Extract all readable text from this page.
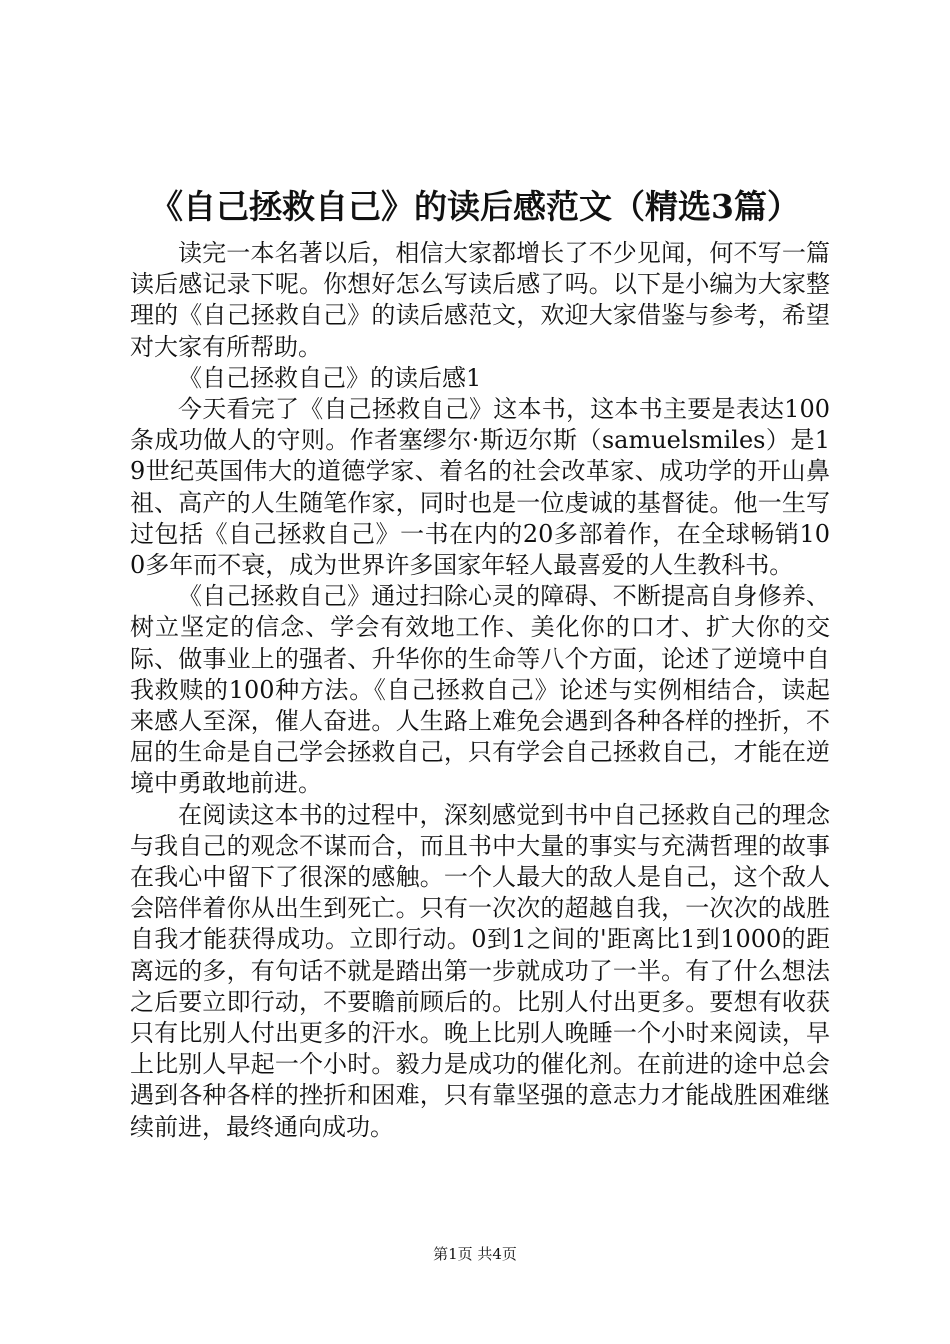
《自己拯救自己》的读后感范文（精选3篇）

读完一本名著以后，相信大家都增长了不少见闻，何不写一篇读后感记录下呢。你想好怎么写读后感了吗。以下是小编为大家整理的《自己拯救自己》的读后感范文，欢迎大家借鉴与参考，希望对大家有所帮助。

《自己拯救自己》的读后感1

今天看完了《自己拯救自己》这本书，这本书主要是表达100条成功做人的守则。作者塞缪尔·斯迈尔斯（samuelsmiles）是19世纪英国伟大的道德学家、着名的社会改革家、成功学的开山鼻祖、高产的人生随笔作家，同时也是一位虔诚的基督徒。他一生写过包括《自己拯救自己》一书在内的20多部着作，在全球畅销100多年而不衰，成为世界许多国家年轻人最喜爱的人生教科书。

《自己拯救自己》通过扫除心灵的障碍、不断提高自身修养、树立坚定的信念、学会有效地工作、美化你的口才、扩大你的交际、做事业上的强者、升华你的生命等八个方面，论述了逆境中自我救赎的100种方法。《自己拯救自己》论述与实例相结合，读起来感人至深，催人奋进。人生路上难免会遇到各种各样的挫折，不屈的生命是自己学会拯救自己，只有学会自己拯救自己，才能在逆境中勇敢地前进。

在阅读这本书的过程中，深刻感觉到书中自己拯救自己的理念与我自己的观念不谋而合，而且书中大量的事实与充满哲理的故事在我心中留下了很深的感触。一个人最大的敌人是自己，这个敌人会陪伴着你从出生到死亡。只有一次次的超越自我，一次次的战胜自我才能获得成功。立即行动。0到1之间的'距离比1到1000的距离远的多，有句话不就是踏出第一步就成功了一半。有了什么想法之后要立即行动，不要瞻前顾后的。比别人付出更多。要想有收获只有比别人付出更多的汗水。晚上比别人晚睡一个小时来阅读，早上比别人早起一个小时。毅力是成功的催化剂。在前进的途中总会遇到各种各样的挫折和困难，只有靠坚强的意志力才能战胜困难继续前进，最终通向成功。

第1页 共4页
